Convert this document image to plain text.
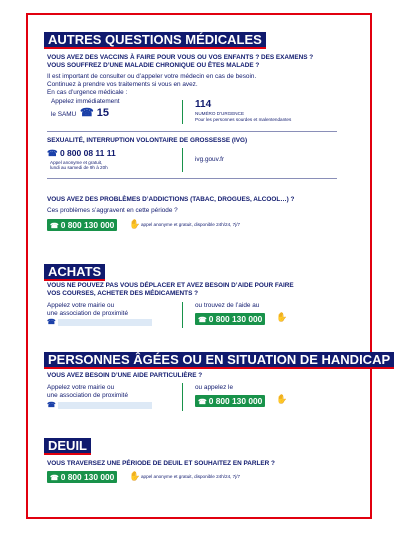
AUTRES QUESTIONS MÉDICALES
VOUS AVEZ DES VACCINS À FAIRE POUR VOUS OU VOS ENFANTS ? DES EXAMENS ?
VOUS SOUFFREZ D’UNE MALADIE CHRONIQUE OU ÊTES MALADE ?
Il est important de consulter ou d’appeler votre médecin en cas de besoin.
Continuez à prendre vos traitements si vous en avez.
En cas d’urgence médicale :
Appelez immédiatement
le SAMU ☎ 15
114
NUMÉRO D’URGENCE
Pour les personnes sourdes et malentendantes
SEXUALITÉ, INTERRUPTION VOLONTAIRE DE GROSSESSE (IVG)
☎ 0 800 08 11 11
Appel anonyme et gratuit,
lundi au samedi de 9h à 20h
ivg.gouv.fr
VOUS AVEZ DES PROBLÈMES D’ADDICTIONS (TABAC, DROGUES, ALCOOL…) ?
Ces problèmes s’aggravent en cette période ?
☎ 0 800 130 000	✋ appel anonyme et gratuit, disponible 24h/24, 7j/7
ACHATS
VOUS NE POUVEZ PAS VOUS DÉPLACER ET AVEZ BESOIN D’AIDE POUR FAIRE
VOS COURSES, ACHETER DES MÉDICAMENTS ?
Appelez votre mairie ou
une association de proximité
☎
ou trouvez de l’aide au
☎ 0 800 130 000	✋
PERSONNES ÂGÉES OU EN SITUATION DE HANDICAP
VOUS AVEZ BESOIN D’UNE AIDE PARTICULIÈRE ?
Appelez votre mairie ou
une association de proximité
☎
ou appelez le
☎ 0 800 130 000	✋
DEUIL
VOUS TRAVERSEZ UNE PÉRIODE DE DEUIL ET SOUHAITEZ EN PARLER ?
☎ 0 800 130 000	✋ appel anonyme et gratuit, disponible 24h/24, 7j/7
